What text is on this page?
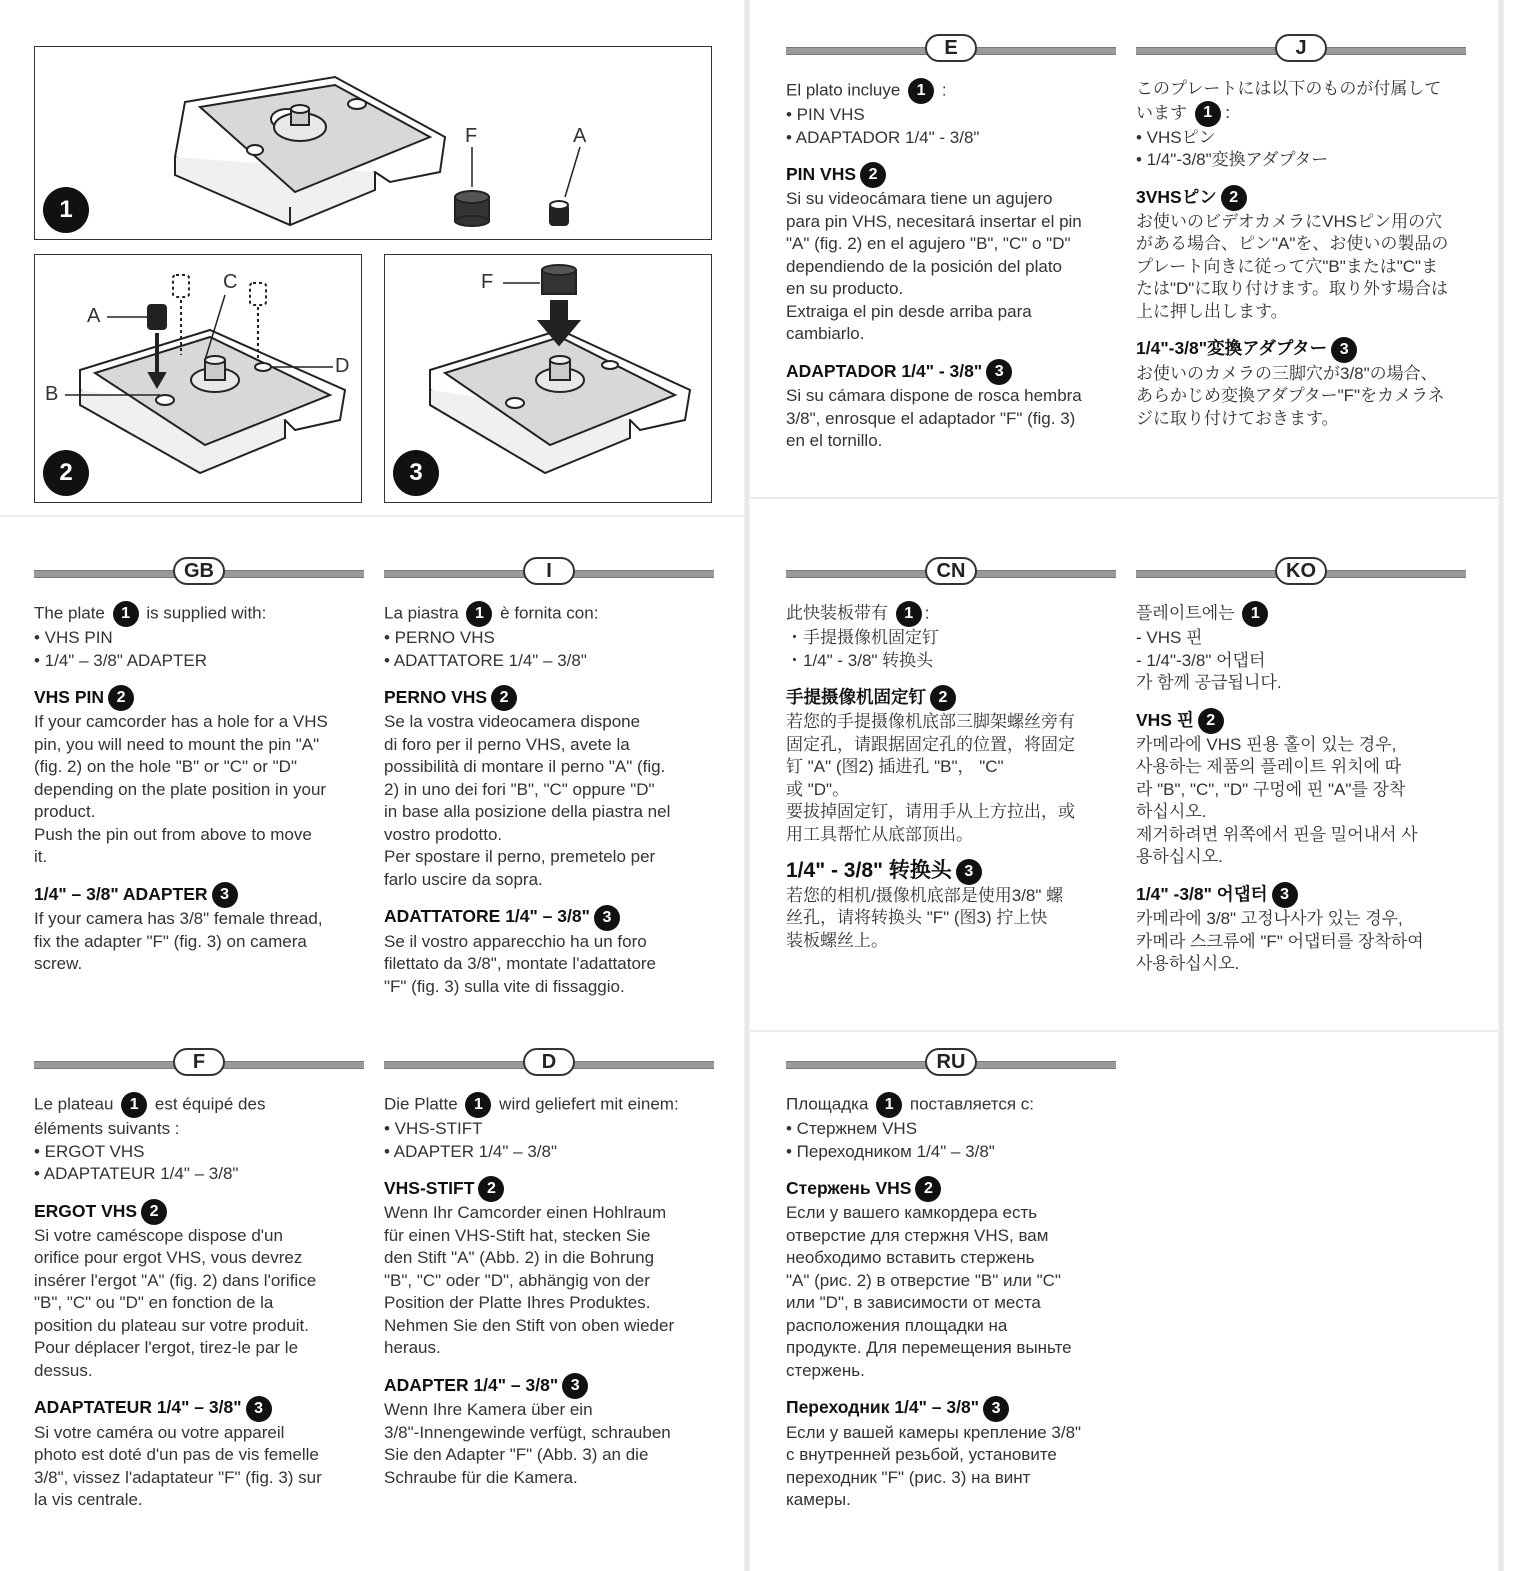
F	A
1
A
B
C
D
2
F
3
E
El plato incluye 1 :
• PIN VHS
• ADAPTADOR 1/4" - 3/8"
PIN VHS 2
Si su videocámara tiene un agujero
para pin VHS, necesitará insertar el pin
"A" (fig. 2) en el agujero "B", "C" o "D"
dependiendo de la posición del plato
en su producto.
Extraiga el pin desde arriba para
cambiarlo.
ADAPTADOR 1/4" - 3/8" 3
Si su cámara dispone de rosca hembra
3/8", enrosque el adaptador "F" (fig. 3)
en el tornillo.
J
このプレートには以下のものが付属して
います 1 ：
• VHSピン
• 1/4"-3/8"変換アダプター
3VHSピン 2
お使いのビデオカメラにVHSピン用の穴
がある場合、ピン"A"を、お使いの製品の
プレート向きに従って穴"B"または"C"ま
たは"D"に取り付けます。取り外す場合は
上に押し出します。
1/4"-3/8"変換アダプター 3
お使いのカメラの三脚穴が3/8"の場合、
あらかじめ変換アダプター"F"をカメラネ
ジに取り付けておきます。
GB
The plate 1 is supplied with:
• VHS PIN
• 1/4" – 3/8" ADAPTER
VHS PIN 2
If your camcorder has a hole for a VHS
pin, you will need to mount the pin "A"
(fig. 2) on the hole "B" or "C" or "D"
depending on the plate position in your
product.
Push the pin out from above to move
it.
1/4" – 3/8" ADAPTER 3
If your camera has 3/8" female thread,
fix the adapter "F" (fig. 3) on camera
screw.
I
La piastra 1 è fornita con:
• PERNO VHS
• ADATTATORE 1/4" – 3/8"
PERNO VHS 2
Se la vostra videocamera dispone
di foro per il perno VHS, avete la
possibilità di montare il perno "A" (fig.
2) in uno dei fori "B", "C" oppure "D"
in base alla posizione della piastra nel
vostro prodotto.
Per spostare il perno, premetelo per
farlo uscire da sopra.
ADATTATORE 1/4" – 3/8" 3
Se il vostro apparecchio ha un foro
filettato da 3/8", montate l'adattatore
"F" (fig. 3) sulla vite di fissaggio.
CN
此快装板带有 1 :
・手提摄像机固定钉
・1/4" - 3/8" 转换头
手提摄像机固定钉 2
若您的手提摄像机底部三脚架螺丝旁有
固定孔，请跟据固定孔的位置，将固定
钉 "A" (图2) 插进孔 "B"， "C"
或 "D"。
要拔掉固定钉，请用手从上方拉出，或
用工具帮忙从底部顶出。
1/4" - 3/8" 转换头 3
若您的相机/摄像机底部是使用3/8" 螺
丝孔，请将转换头 "F" (图3) 拧上快
装板螺丝上。
KO
플레이트에는 1
- VHS 핀
- 1/4"-3/8" 어댑터
가 함께 공급됩니다.
VHS 핀 2
카메라에 VHS 핀용 홀이 있는 경우,
사용하는 제품의 플레이트 위치에 따
라 "B", "C", "D" 구멍에 핀 "A"를 장착
하십시오.
제거하려면 위쪽에서 핀을 밀어내서 사
용하십시오.
1/4" -3/8" 어댑터 3
카메라에 3/8" 고정나사가 있는 경우,
카메라 스크류에 "F" 어댑터를 장착하여
사용하십시오.
F
Le plateau 1 est équipé des
éléments suivants :
• ERGOT VHS
• ADAPTATEUR 1/4" – 3/8"
ERGOT VHS 2
Si votre caméscope dispose d'un
orifice pour ergot VHS, vous devrez
insérer l'ergot "A" (fig. 2) dans l'orifice
"B", "C" ou "D" en fonction de la
position du plateau sur votre produit.
Pour déplacer l'ergot, tirez-le par le
dessus.
ADAPTATEUR 1/4" – 3/8" 3
Si votre caméra ou votre appareil
photo est doté d'un pas de vis femelle
3/8", vissez l'adaptateur "F" (fig. 3) sur
la vis centrale.
D
Die Platte 1 wird geliefert mit einem:
• VHS-STIFT
• ADAPTER 1/4" – 3/8"
VHS-STIFT 2
Wenn Ihr Camcorder einen Hohlraum
für einen VHS-Stift hat, stecken Sie
den Stift "A" (Abb. 2) in die Bohrung
"B", "C" oder "D", abhängig von der
Position der Platte Ihres Produktes.
Nehmen Sie den Stift von oben wieder
heraus.
ADAPTER 1/4" – 3/8" 3
Wenn Ihre Kamera über ein
3/8"-Innengewinde verfügt, schrauben
Sie den Adapter "F" (Abb. 3) an die
Schraube für die Kamera.
RU
Площадка 1 поставляется с:
• Стержнем VHS
• Переходником 1/4" – 3/8"
Стержень VHS 2
Если у вашего камкордера есть
отверстие для стержня VHS, вам
необходимо вставить стержень
"A" (рис. 2) в отверстие "B" или "C"
или "D", в зависимости от места
расположения площадки на
продукте. Для перемещения выньте
стержень.
Переходник 1/4" – 3/8" 3
Если у вашей камеры крепление 3/8"
с внутренней резьбой, установите
переходник "F" (рис. 3) на винт
камеры.
